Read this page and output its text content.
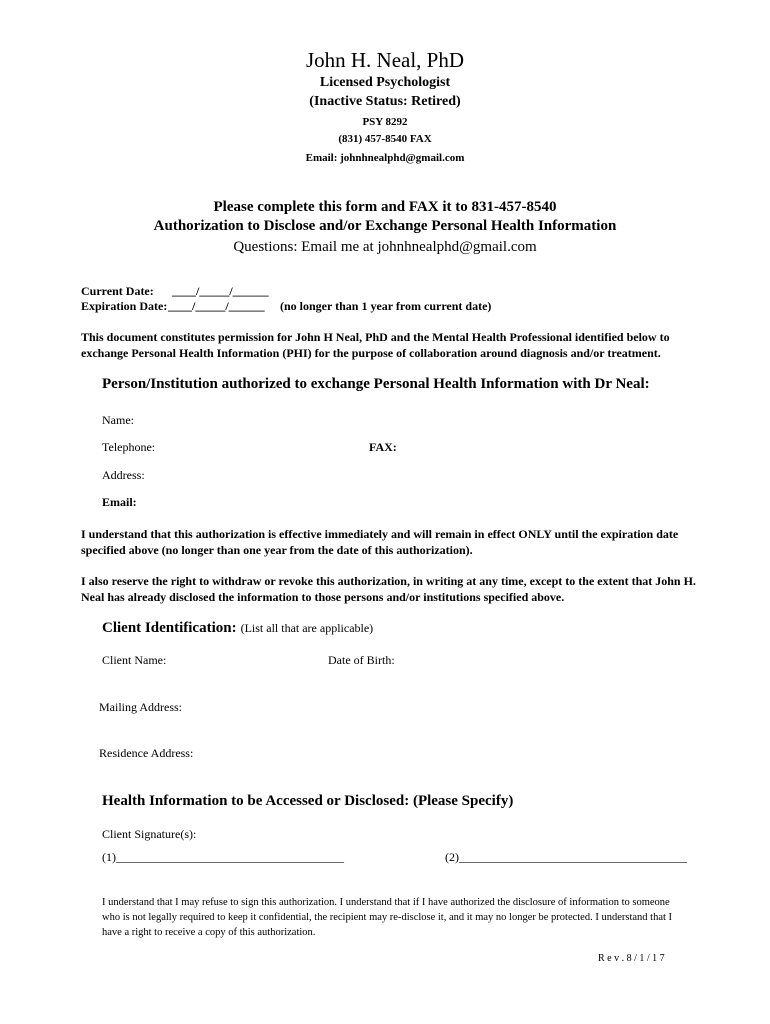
John H. Neal, PhD
Licensed Psychologist
(Inactive Status: Retired)
PSY 8292
(831) 457-8540 FAX
Email: johnhnealphd@gmail.com
Please complete this form and FAX it to 831-457-8540
Authorization to Disclose and/or Exchange Personal Health Information
Questions: Email me at johnhnealphd@gmail.com
Current Date: ____/_____/______
Expiration Date: ____/_____/______ (no longer than 1 year from current date)
This document constitutes permission for John H Neal, PhD and the Mental Health Professional identified below to exchange Personal Health Information (PHI) for the purpose of collaboration around diagnosis and/or treatment.
Person/Institution authorized to exchange Personal Health Information with Dr Neal:
Name:
Telephone:	FAX:
Address:
Email:
I understand that this authorization is effective immediately and will remain in effect ONLY until the expiration date specified above (no longer than one year from the date of this authorization).
I also reserve the right to withdraw or revoke this authorization, in writing at any time, except to the extent that John H. Neal has already disclosed the information to those persons and/or institutions specified above.
Client Identification: (List all that are applicable)
Client Name:	Date of Birth:
Mailing Address:
Residence Address:
Health Information to be Accessed or Disclosed: (Please Specify)
Client Signature(s):
(1)______________________________________	(2)______________________________________
I understand that I may refuse to sign this authorization. I understand that if I have authorized the disclosure of information to someone who is not legally required to keep it confidential, the recipient may re-disclose it, and it may no longer be protected. I understand that I have a right to receive a copy of this authorization.
R e v . 8 / 1 / 1 7
